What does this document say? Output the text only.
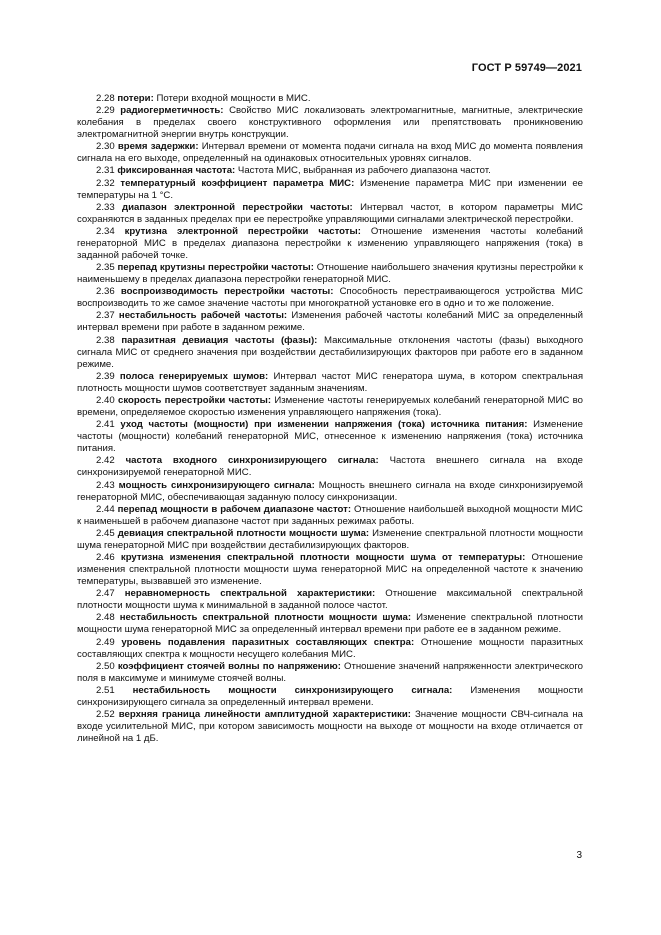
ГОСТ Р 59749—2021

2.28 потери: Потери входной мощности в МИС.

2.29 радиогерметичность: Свойство МИС локализовать электромагнитные, магнитные, электрические колебания в пределах своего конструктивного оформления или препятствовать проникновению электромагнитной энергии внутрь конструкции.

2.30 время задержки: Интервал времени от момента подачи сигнала на вход МИС до момента появления сигнала на его выходе, определенный на одинаковых относительных уровнях сигналов.

2.31 фиксированная частота: Частота МИС, выбранная из рабочего диапазона частот.

2.32 температурный коэффициент параметра МИС: Изменение параметра МИС при изменении ее температуры на 1 °С.

2.33 диапазон электронной перестройки частоты: Интервал частот, в котором параметры МИС сохраняются в заданных пределах при ее перестройке управляющими сигналами электрической перестройки.

2.34 крутизна электронной перестройки частоты: Отношение изменения частоты колебаний генераторной МИС в пределах диапазона перестройки к изменению управляющего напряжения (тока) в заданной рабочей точке.

2.35 перепад крутизны перестройки частоты: Отношение наибольшего значения крутизны перестройки к наименьшему в пределах диапазона перестройки генераторной МИС.

2.36 воспроизводимость перестройки частоты: Способность перестраивающегося устройства МИС воспроизводить то же самое значение частоты при многократной установке его в одно и то же положение.

2.37 нестабильность рабочей частоты: Изменения рабочей частоты колебаний МИС за определенный интервал времени при работе в заданном режиме.

2.38 паразитная девиация частоты (фазы): Максимальные отклонения частоты (фазы) выходного сигнала МИС от среднего значения при воздействии дестабилизирующих факторов при работе его в заданном режиме.

2.39 полоса генерируемых шумов: Интервал частот МИС генератора шума, в котором спектральная плотность мощности шумов соответствует заданным значениям.

2.40 скорость перестройки частоты: Изменение частоты генерируемых колебаний генераторной МИС во времени, определяемое скоростью изменения управляющего напряжения (тока).

2.41 уход частоты (мощности) при изменении напряжения (тока) источника питания: Изменение частоты (мощности) колебаний генераторной МИС, отнесенное к изменению напряжения (тока) источника питания.

2.42 частота входного синхронизирующего сигнала: Частота внешнего сигнала на входе синхронизируемой генераторной МИС.

2.43 мощность синхронизирующего сигнала: Мощность внешнего сигнала на входе синхронизируемой генераторной МИС, обеспечивающая заданную полосу синхронизации.

2.44 перепад мощности в рабочем диапазоне частот: Отношение наибольшей выходной мощности МИС к наименьшей в рабочем диапазоне частот при заданных режимах работы.

2.45 девиация спектральной плотности мощности шума: Изменение спектральной плотности мощности шума генераторной МИС при воздействии дестабилизирующих факторов.

2.46 крутизна изменения спектральной плотности мощности шума от температуры: Отношение изменения спектральной плотности мощности шума генераторной МИС на определенной частоте к значению температуры, вызвавшей это изменение.

2.47 неравномерность спектральной характеристики: Отношение максимальной спектральной плотности мощности шума к минимальной в заданной полосе частот.

2.48 нестабильность спектральной плотности мощности шума: Изменение спектральной плотности мощности шума генераторной МИС за определенный интервал времени при работе ее в заданном режиме.

2.49 уровень подавления паразитных составляющих спектра: Отношение мощности паразитных составляющих спектра к мощности несущего колебания МИС.

2.50 коэффициент стоячей волны по напряжению: Отношение значений напряженности электрического поля в максимуме и минимуме стоячей волны.

2.51 нестабильность мощности синхронизирующего сигнала: Изменения мощности синхронизирующего сигнала за определенный интервал времени.

2.52 верхняя граница линейности амплитудной характеристики: Значение мощности СВЧ-сигнала на входе усилительной МИС, при котором зависимость мощности на выходе от мощности на входе отличается от линейной на 1 дБ.

3
